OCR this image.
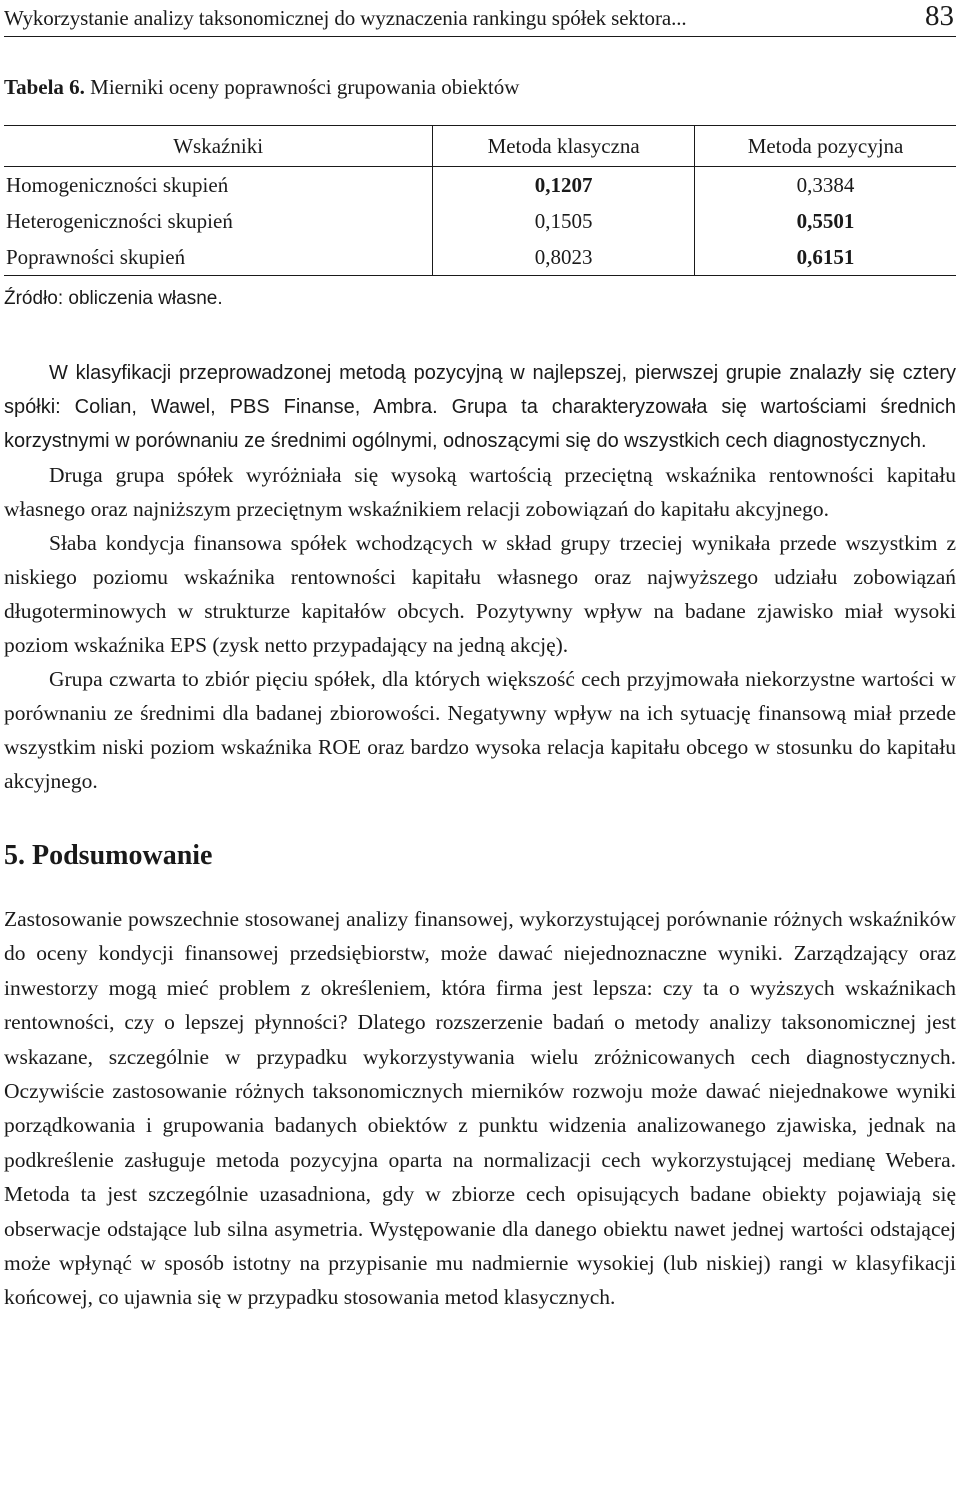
Wykorzystanie analizy taksonomicznej do wyznaczenia rankingu spółek sektora...	83
Tabela 6. Mierniki oceny poprawności grupowania obiektów
Wskaźniki	Metoda klasyczna	Metoda pozycyjna
Homogeniczności skupień	0,1207	0,3384
Heterogeniczności skupień	0,1505	0,5501
Poprawności skupień	0,8023	0,6151
Źródło: obliczenia własne.

W klasyfikacji przeprowadzonej metodą pozycyjną w najlepszej, pierwszej grupie znalazły się cztery spółki: Colian, Wawel, PBS Finanse, Ambra. Grupa ta charakteryzowała się wartościami średnich korzystnymi w porównaniu ze średnimi ogólnymi, odnoszącymi się do wszystkich cech diagnostycznych.

Druga grupa spółek wyróżniała się wysoką wartością przeciętną wskaźnika rentowności kapitału własnego oraz najniższym przeciętnym wskaźnikiem relacji zobowiązań do kapitału akcyjnego.

Słaba kondycja finansowa spółek wchodzących w skład grupy trzeciej wynikała przede wszystkim z niskiego poziomu wskaźnika rentowności kapitału własnego oraz najwyższego udziału zobowiązań długoterminowych w strukturze kapitałów obcych. Pozytywny wpływ na badane zjawisko miał wysoki poziom wskaźnika EPS (zysk netto przypadający na jedną akcję).

Grupa czwarta to zbiór pięciu spółek, dla których większość cech przyjmowała niekorzystne wartości w porównaniu ze średnimi dla badanej zbiorowości. Negatywny wpływ na ich sytuację finansową miał przede wszystkim niski poziom wskaźnika ROE oraz bardzo wysoka relacja kapitału obcego w stosunku do kapitału akcyjnego.

5. Podsumowanie

Zastosowanie powszechnie stosowanej analizy finansowej, wykorzystującej porównanie różnych wskaźników do oceny kondycji finansowej przedsiębiorstw, może dawać niejednoznaczne wyniki. Zarządzający oraz inwestorzy mogą mieć problem z określeniem, która firma jest lepsza: czy ta o wyższych wskaźnikach rentowności, czy o lepszej płynności? Dlatego rozszerzenie badań o metody analizy taksonomicznej jest wskazane, szczególnie w przypadku wykorzystywania wielu zróżnicowanych cech diagnostycznych. Oczywiście zastosowanie różnych taksonomicznych mierników rozwoju może dawać niejednakowe wyniki porządkowania i grupowania badanych obiektów z punktu widzenia analizowanego zjawiska, jednak na podkreślenie zasługuje metoda pozycyjna oparta na normalizacji cech wykorzystującej medianę Webera. Metoda ta jest szczególnie uzasadniona, gdy w zbiorze cech opisujących badane obiekty pojawiają się obserwacje odstające lub silna asymetria. Występowanie dla danego obiektu nawet jednej wartości odstającej może wpłynąć w sposób istotny na przypisanie mu nadmiernie wysokiej (lub niskiej) rangi w klasyfikacji końcowej, co ujawnia się w przypadku stosowania metod klasycznych.
